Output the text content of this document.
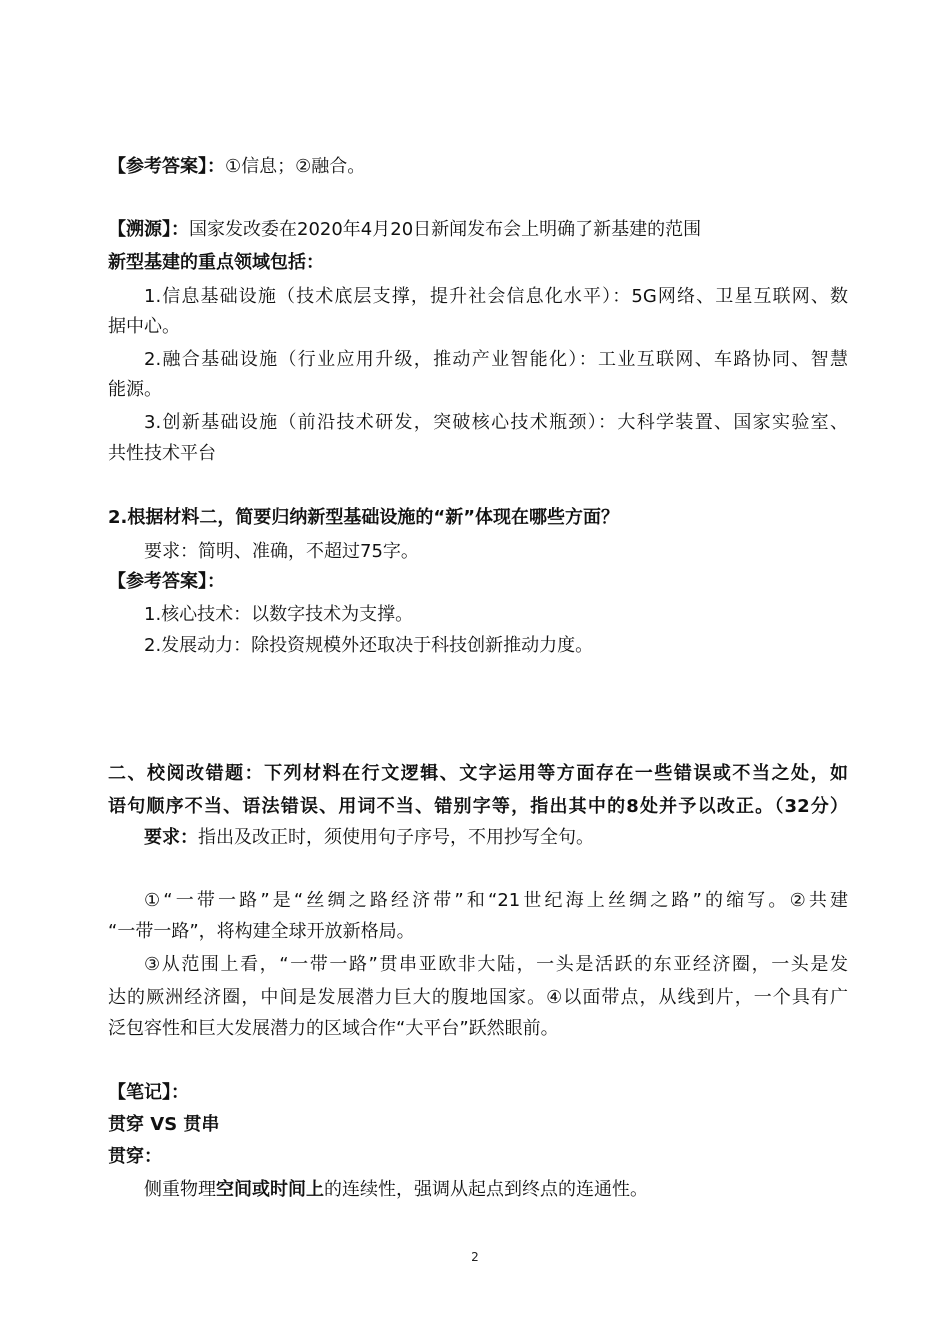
【参考答案】：①信息；②融合。

【溯源】：国家发改委在2020年4月20日新闻发布会上明确了新基建的范围

新型基建的重点领域包括：

1.信息基础设施（技术底层支撑，提升社会信息化水平）：5G网络、卫星互联网、数

据中心。

2.融合基础设施（行业应用升级，推动产业智能化）：工业互联网、车路协同、智慧

能源。

3.创新基础设施（前沿技术研发，突破核心技术瓶颈）：大科学装置、国家实验室、

共性技术平台

2.根据材料二，简要归纳新型基础设施的“新”体现在哪些方面？

要求：简明、准确，不超过75字。

【参考答案】：

1.核心技术：以数字技术为支撑。

2.发展动力：除投资规模外还取决于科技创新推动力度。

二、校阅改错题：下列材料在行文逻辑、文字运用等方面存在一些错误或不当之处，如

语句顺序不当、语法错误、用词不当、错别字等，指出其中的8处并予以改正。（32分）

要求：指出及改正时，须使用句子序号，不用抄写全句。

①“一带一路”是“丝绸之路经济带”和“21世纪海上丝绸之路”的缩写。②共建

“一带一路”，将构建全球开放新格局。

③从范围上看，“一带一路”贯串亚欧非大陆，一头是活跃的东亚经济圈，一头是发

达的厥洲经济圈，中间是发展潜力巨大的腹地国家。④以面带点，从线到片，一个具有广

泛包容性和巨大发展潜力的区域合作“大平台”跃然眼前。

【笔记】：

贯穿 VS 贯串

贯穿：

侧重物理空间或时间上的连续性，强调从起点到终点的连通性。

2
